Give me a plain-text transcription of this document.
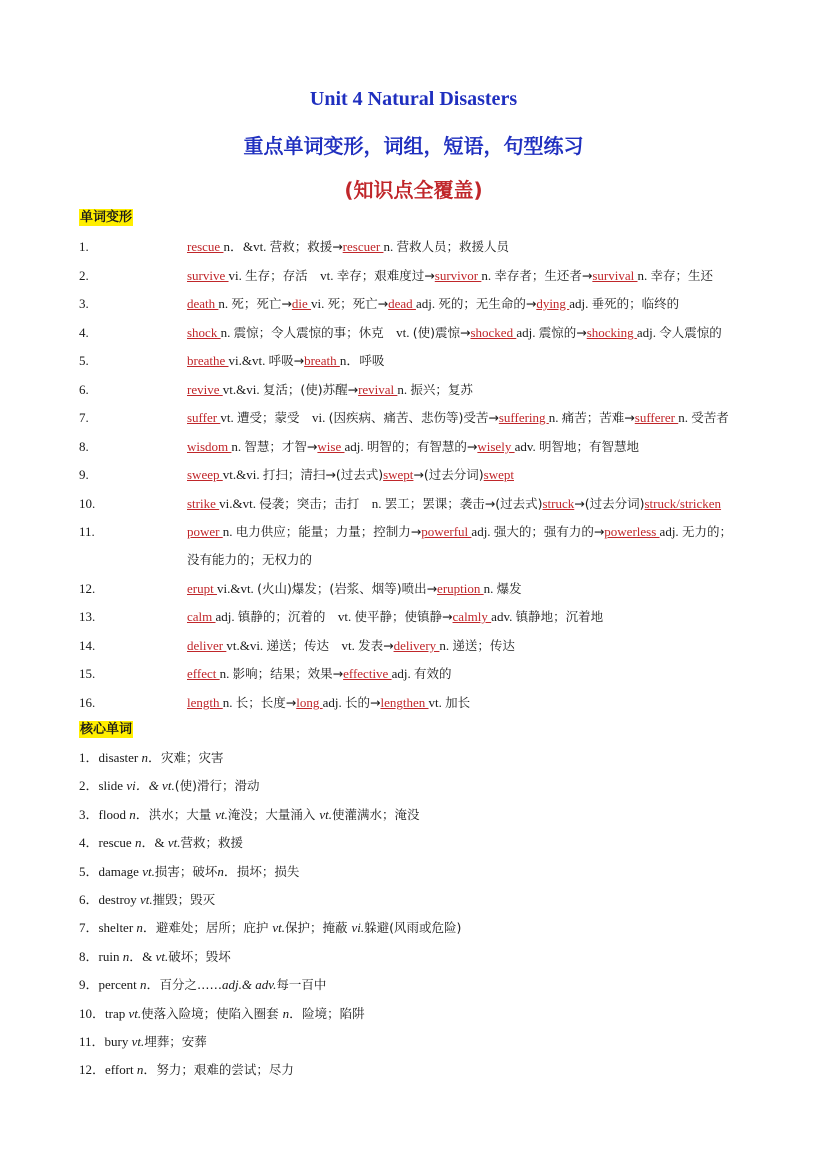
Unit 4 Natural Disasters
重点单词变形，词组，短语，句型练习
(知识点全覆盖)
单词变形
1.	rescue n．&vt. 营救；救援→rescuer n. 营救人员；救援人员
2.	survive vi. 生存；存活　vt. 幸存；艰难度过→survivor n. 幸存者；生还者→survival n. 幸存；生还
3.	death n. 死；死亡→die vi. 死；死亡→dead adj. 死的；无生命的→dying adj. 垂死的；临终的
4.	shock n. 震惊；令人震惊的事；休克　vt. (使)震惊→shocked adj. 震惊的→shocking adj. 令人震惊的
5.	breathe vi.&vt. 呼吸→breath n．呼吸
6.	revive vt.&vi. 复活；(使)苏醒→revival n. 振兴；复苏
7.	suffer vt. 遭受；蒙受　vi. (因疾病、痛苦、悲伤等)受苦→suffering n. 痛苦；苦难→sufferer n. 受苦者
8.	wisdom n. 智慧；才智→wise adj. 明智的；有智慧的→wisely adv. 明智地；有智慧地
9.	sweep vt.&vi. 打扫；清扫→(过去式)swept→(过去分词)swept
10.	strike vi.&vt. 侵袭；突击；击打　n. 罢工；罢课；袭击→(过去式)struck→(过去分词)struck/stricken
11.	power n. 电力供应；能量；力量；控制力→powerful adj. 强大的；强有力的→powerless adj. 无力的；
没有能力的；无权力的
12.	erupt vi.&vt. (火山)爆发；(岩浆、烟等)喷出→eruption n. 爆发
13.	calm adj. 镇静的；沉着的　vt. 使平静；使镇静→calmly adv. 镇静地；沉着地
14.	deliver vt.&vi. 递送；传达　vt. 发表→delivery n. 递送；传达
15.	effect n. 影响；结果；效果→effective adj. 有效的
16.	length n. 长；长度→long adj. 长的→lengthen vt. 加长
核心单词
1．disaster n．灾难；灾害
2．slide vi．& vt.(使)滑行；滑动
3．flood n．洪水；大量 vt.淹没；大量涌入 vt.使灌满水；淹没
4．rescue n．& vt.营救；救援
5．damage vt.损害；破坏n．损坏；损失
6．destroy vt.摧毁；毁灭
7．shelter n．避难处；居所；庇护 vt.保护；掩蔽 vi.躲避(风雨或危险)
8．ruin n．& vt.破坏；毁坏
9．percent n．百分之……adj.& adv.每一百中
10．trap vt.使落入险境；使陷入圈套 n．险境；陷阱
11．bury vt.埋葬；安葬
12．effort n．努力；艰难的尝试；尽力
